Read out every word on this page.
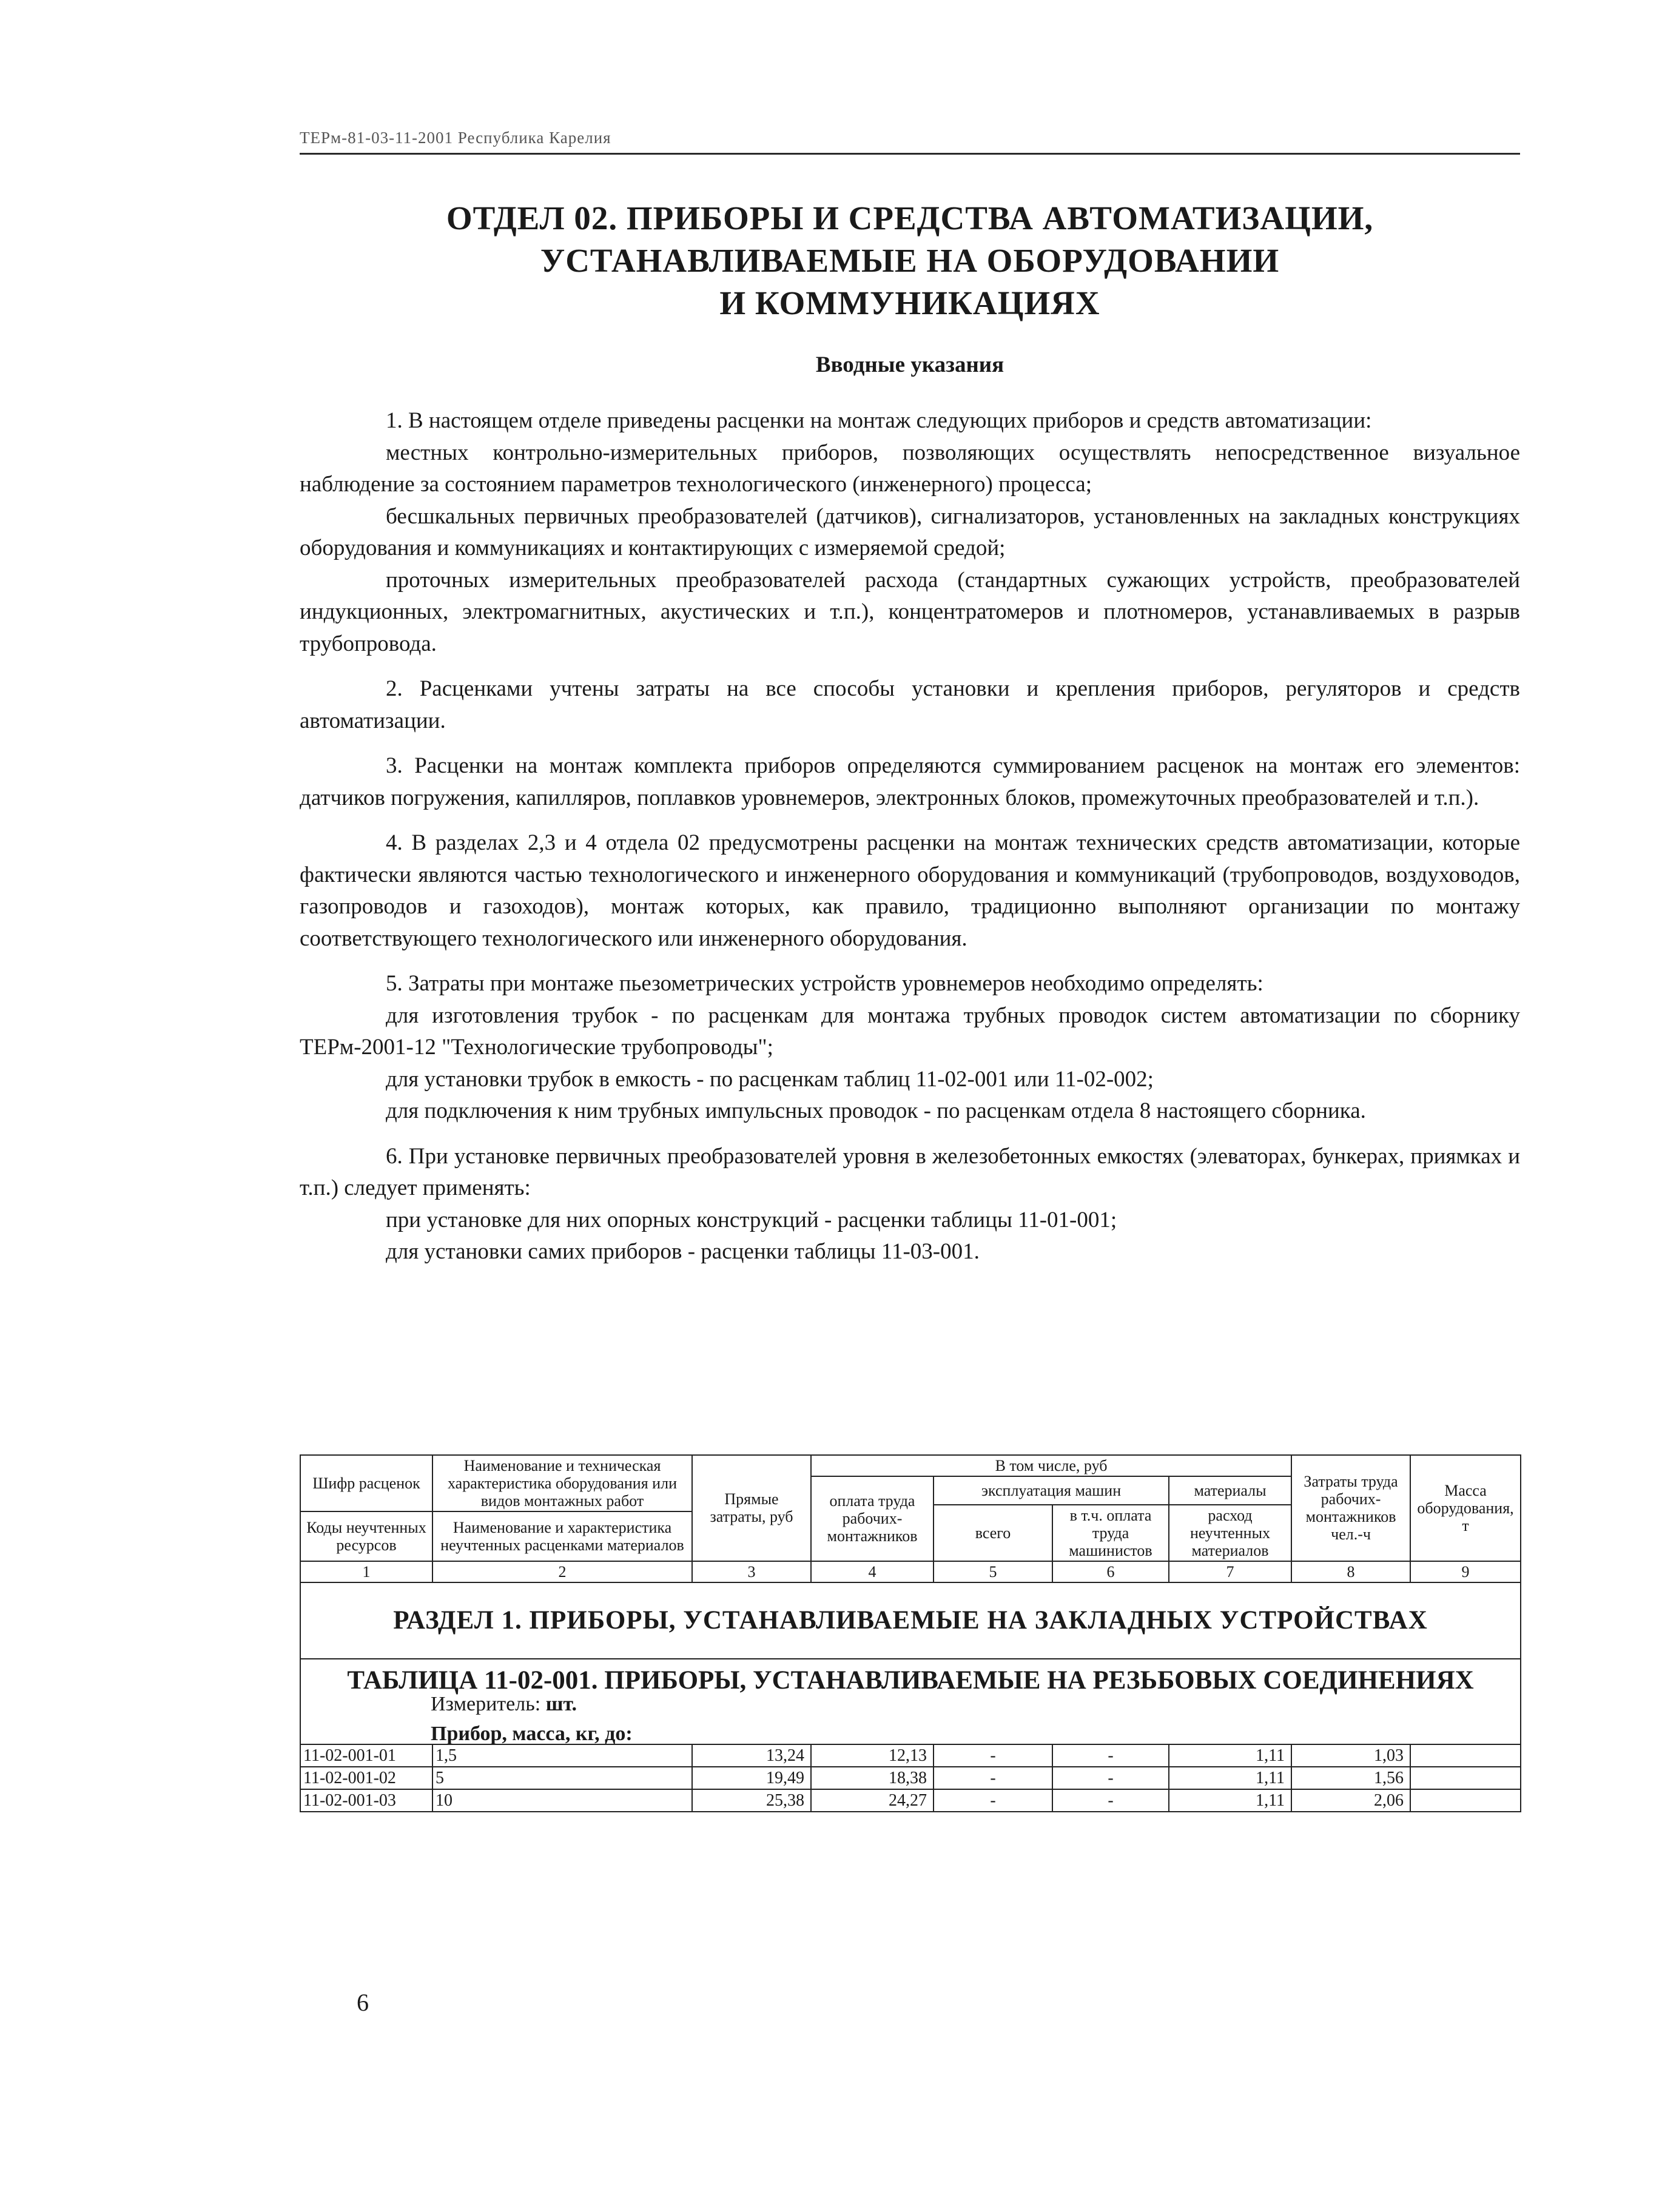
ТЕРм-81-03-11-2001 Республика Карелия
ОТДЕЛ 02. ПРИБОРЫ И СРЕДСТВА АВТОМАТИЗАЦИИ,
УСТАНАВЛИВАЕМЫЕ НА ОБОРУДОВАНИИ
И КОММУНИКАЦИЯХ
Вводные указания

1. В настоящем отделе приведены расценки на монтаж следующих приборов и средств автоматизации:

местных контрольно-измерительных приборов, позволяющих осуществлять непосредственное визуальное наблюдение за состоянием параметров технологического (инженерного) процесса;

бесшкальных первичных преобразователей (датчиков), сигнализаторов, установленных на закладных конструкциях оборудования и коммуникациях и контактирующих с измеряемой средой;

проточных измерительных преобразователей расхода (стандартных сужающих устройств, преобразователей индукционных, электромагнитных, акустических и т.п.), концентратомеров и плотномеров, устанавливаемых в разрыв трубопровода.

2. Расценками учтены затраты на все способы установки и крепления приборов, регуляторов и средств автоматизации.

3. Расценки на монтаж комплекта приборов определяются суммированием расценок на монтаж его элементов: датчиков погружения, капилляров, поплавков уровнемеров, электронных блоков, промежуточных преобразователей и т.п.).

4. В разделах 2,3 и 4 отдела 02 предусмотрены расценки на монтаж технических средств автоматизации, которые фактически являются частью технологического и инженерного оборудования и коммуникаций (трубопроводов, воздуховодов, газопроводов и газоходов), монтаж которых, как правило, традиционно выполняют организации по монтажу соответствующего технологического или инженерного оборудования.

5. Затраты при монтаже пьезометрических устройств уровнемеров необходимо определять:

для изготовления трубок - по расценкам для монтажа трубных проводок систем автоматизации по сборнику ТЕРм-2001-12 "Технологические трубопроводы";

для установки трубок в емкость - по расценкам таблиц 11-02-001 или 11-02-002;

для подключения к ним трубных импульсных проводок - по расценкам отдела 8 настоящего сборника.

6. При установке первичных преобразователей уровня в железобетонных емкостях (элеваторах, бункерах, приямках и т.п.) следует применять:

при установке для них опорных конструкций - расценки таблицы 11-01-001;

для установки самих приборов - расценки таблицы 11-03-001.

Шифр расценок	Наименование и техническая характеристика оборудования или видов монтажных работ	Прямые затраты, руб	В том числе, руб				Затраты труда рабочих-монтажников чел.-ч	Масса оборудования, т
			оплата труда рабочих-монтажников	эксплуатация машин		материалы		
				всего	в т.ч. оплата труда машинистов	расход неучтенных материалов		
Коды неучтенных ресурсов	Наименование и характеристика неучтенных расценками материалов							

1	2	3	4	5	6	7	8	9
РАЗДЕЛ 1. ПРИБОРЫ, УСТАНАВЛИВАЕМЫЕ НА ЗАКЛАДНЫХ УСТРОЙСТВАХ								

ТАБЛИЦА 11-02-001. ПРИБОРЫ, УСТАНАВЛИВАЕМЫЕ НА РЕЗЬБОВЫХ СОЕДИНЕНИЯХ
Измеритель: шт.
Прибор, масса, кг, до:								

11-02-001-01	1,5	13,24	12,13	-	-	1,11	1,03	
11-02-001-02	5	19,49	18,38	-	-	1,11	1,56	
11-02-001-03	10	25,38	24,27	-	-	1,11	2,06	
6
